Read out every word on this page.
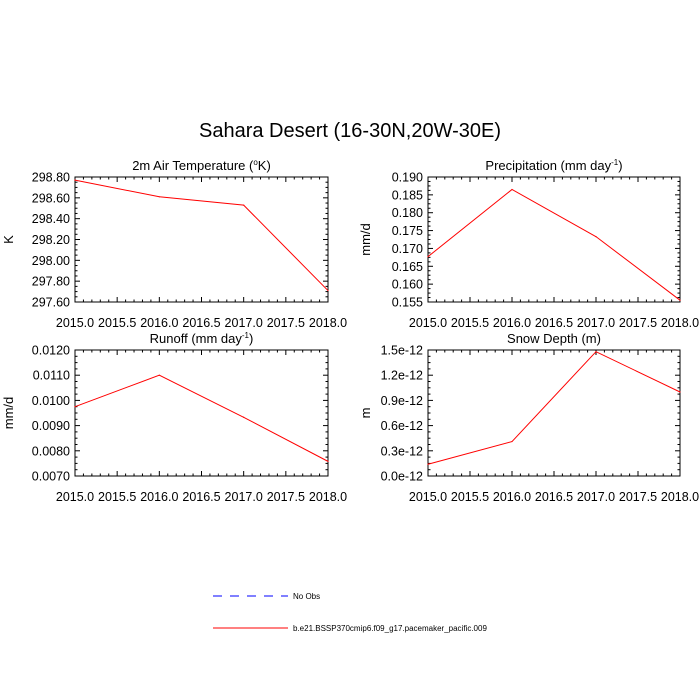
Sahara Desert (16-30N,20W-30E)
2015.0 2015.5 2016.0 2016.5 2017.0 2017.5 2018.0
297.60
297.80
298.00
298.20
298.40
298.60
298.80
2m Air Temperature ($^o$K)
K
2015.0 2015.5 2016.0 2016.5 2017.0 2017.5 2018.0
0.155
0.160
0.165
0.170
0.175
0.180
0.185
0.190
Precipitation (mm day$^{-1}$)
mm/d
2015.0 2015.5 2016.0 2016.5 2017.0 2017.5 2018.0
0.0070
0.0080
0.0090
0.0100
0.0110
0.0120
Runoff (mm day$^{-1}$)
mm/d
2015.0 2015.5 2016.0 2016.5 2017.0 2017.5 2018.0
0.0e-12
0.3e-12
0.6e-12
0.9e-12
1.2e-12
1.5e-12
Snow Depth (m)
m
No Obs
b.e21.BSSP370cmip6.f09_g17.pacemaker_pacific.009
